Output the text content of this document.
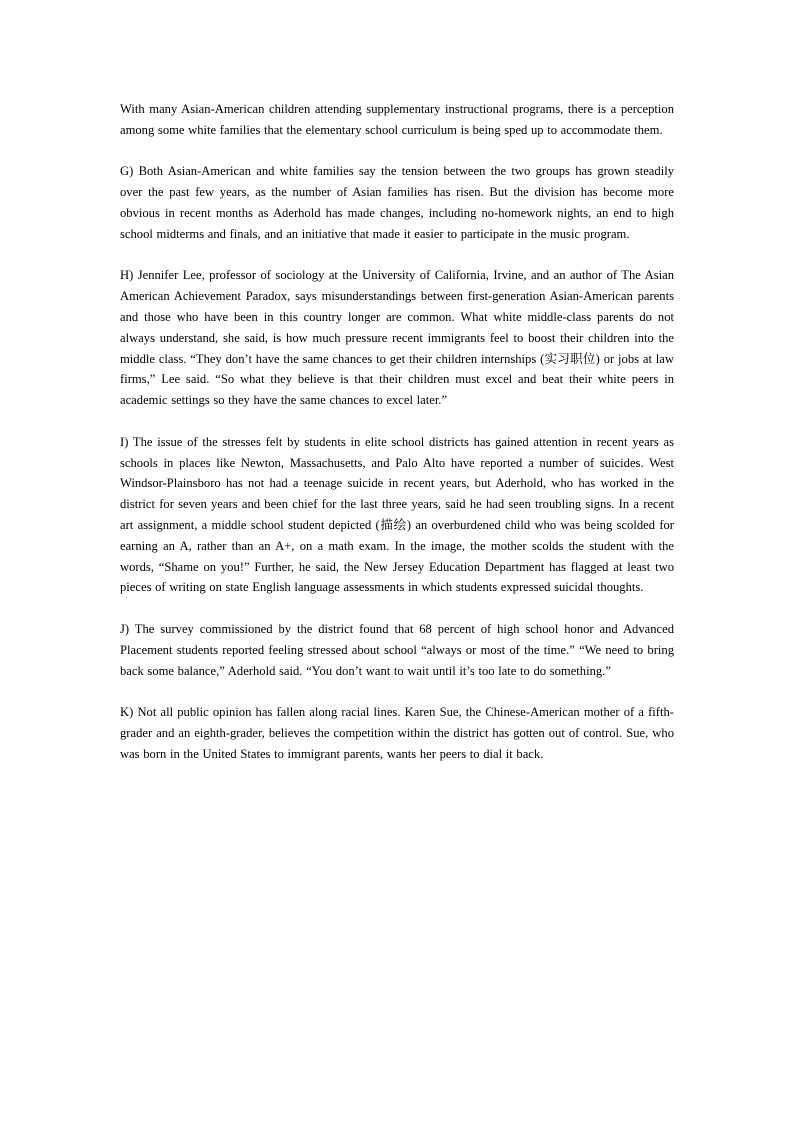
With many Asian-American children attending supplementary instructional programs, there is a perception among some white families that the elementary school curriculum is being sped up to accommodate them.

G) Both Asian-American and white families say the tension between the two groups has grown steadily over the past few years, as the number of Asian families has risen. But the division has become more obvious in recent months as Aderhold has made changes, including no-homework nights, an end to high school midterms and finals, and an initiative that made it easier to participate in the music program.

H) Jennifer Lee, professor of sociology at the University of California, Irvine, and an author of The Asian American Achievement Paradox, says misunderstandings between first-generation Asian-American parents and those who have been in this country longer are common. What white middle-class parents do not always understand, she said, is how much pressure recent immigrants feel to boost their children into the middle class. “They don’t have the same chances to get their children internships (实习职位) or jobs at law firms,” Lee said. “So what they believe is that their children must excel and beat their white peers in academic settings so they have the same chances to excel later.”

I) The issue of the stresses felt by students in elite school districts has gained attention in recent years as schools in places like Newton, Massachusetts, and Palo Alto have reported a number of suicides. West Windsor-Plainsboro has not had a teenage suicide in recent years, but Aderhold, who has worked in the district for seven years and been chief for the last three years, said he had seen troubling signs. In a recent art assignment, a middle school student depicted (描绘) an overburdened child who was being scolded for earning an A, rather than an A+, on a math exam. In the image, the mother scolds the student with the words, “Shame on you!” Further, he said, the New Jersey Education Department has flagged at least two pieces of writing on state English language assessments in which students expressed suicidal thoughts.

J) The survey commissioned by the district found that 68 percent of high school honor and Advanced Placement students reported feeling stressed about school “always or most of the time.” “We need to bring back some balance,” Aderhold said. “You don’t want to wait until it’s too late to do something.”

K) Not all public opinion has fallen along racial lines. Karen Sue, the Chinese-American mother of a fifth-grader and an eighth-grader, believes the competition within the district has gotten out of control. Sue, who was born in the United States to immigrant parents, wants her peers to dial it back.
